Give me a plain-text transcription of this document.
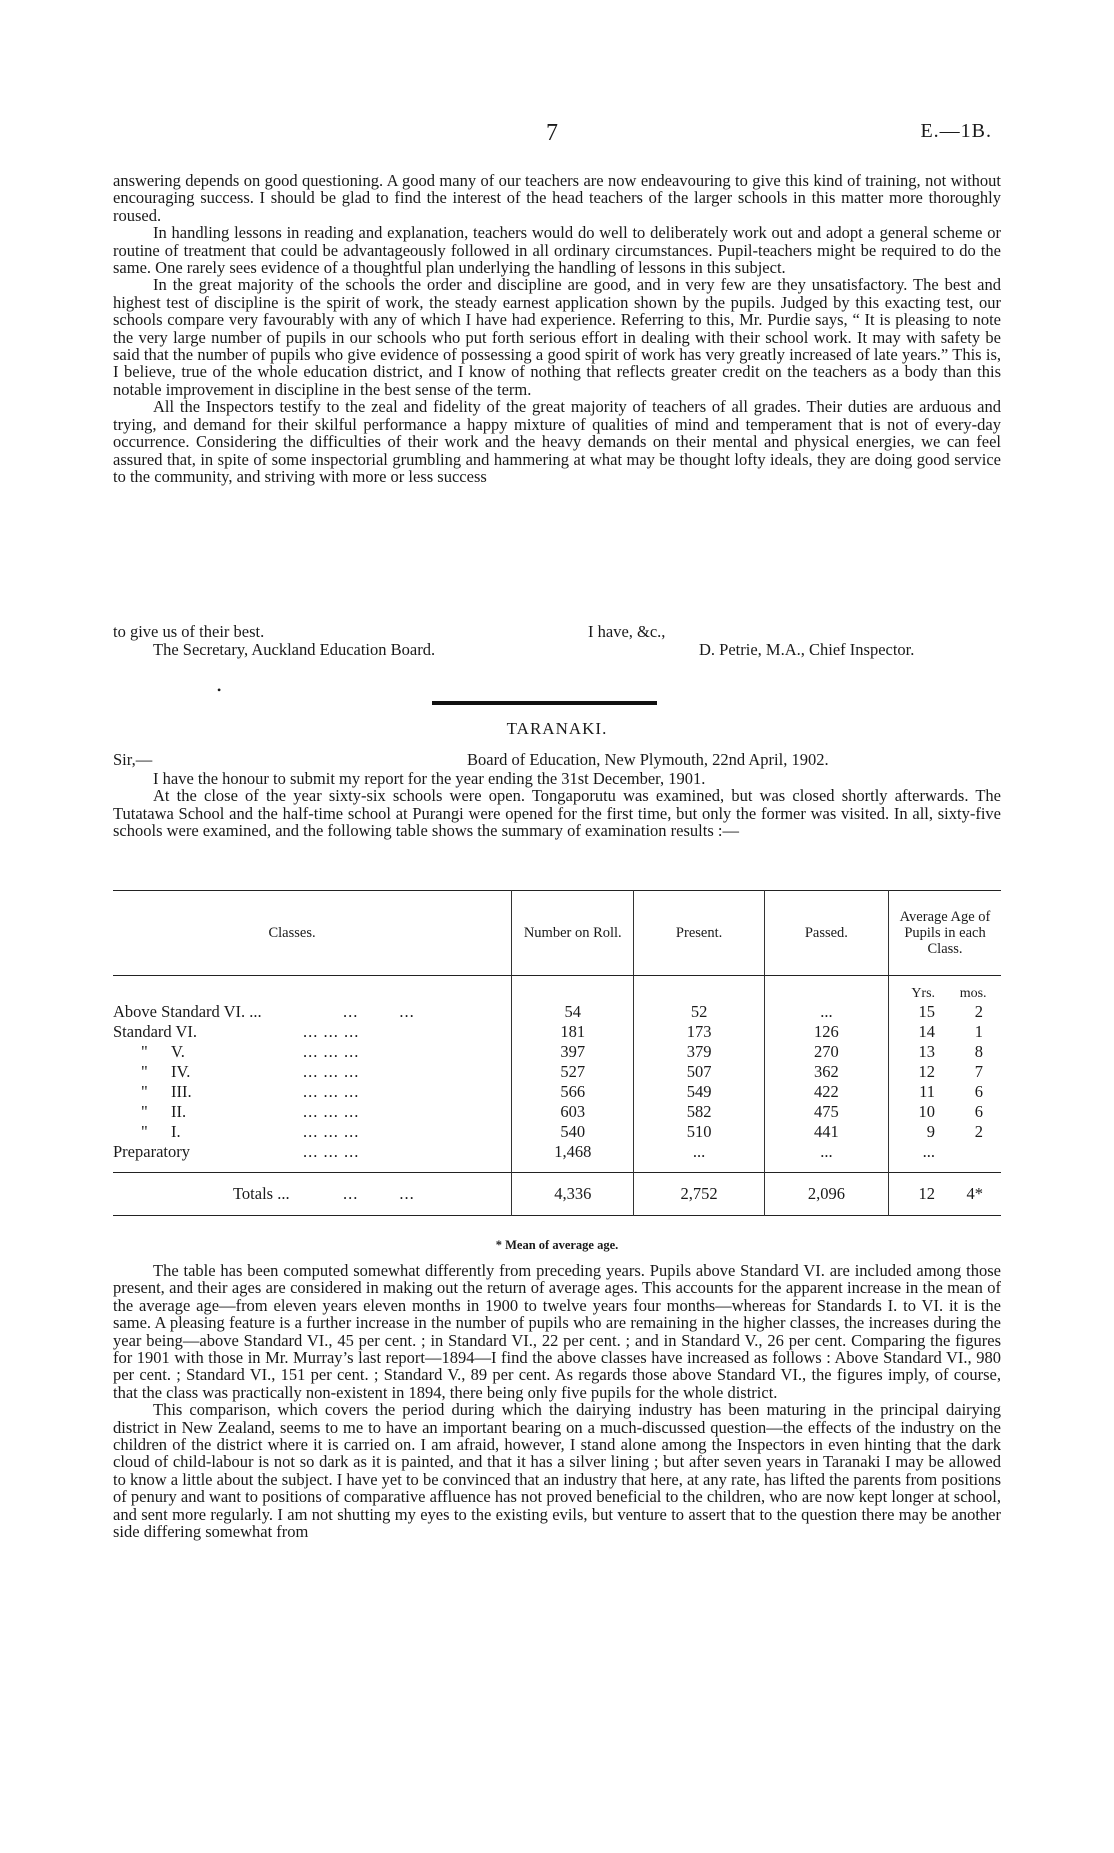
7	E.—1B.

answering depends on good questioning. A good many of our teachers are now endeavouring to give this kind of training, not without encouraging success. I should be glad to find the interest of the head teachers of the larger schools in this matter more thoroughly roused.

In handling lessons in reading and explanation, teachers would do well to deliberately work out and adopt a general scheme or routine of treatment that could be advantageously followed in all ordinary circumstances. Pupil-teachers might be required to do the same. One rarely sees evidence of a thoughtful plan underlying the handling of lessons in this subject.

In the great majority of the schools the order and discipline are good, and in very few are they unsatisfactory. The best and highest test of discipline is the spirit of work, the steady earnest application shown by the pupils. Judged by this exacting test, our schools compare very favourably with any of which I have had experience. Referring to this, Mr. Purdie says, “ It is pleasing to note the very large number of pupils in our schools who put forth serious effort in dealing with their school work. It may with safety be said that the number of pupils who give evidence of possessing a good spirit of work has very greatly increased of late years.” This is, I believe, true of the whole education district, and I know of nothing that reflects greater credit on the teachers as a body than this notable improvement in discipline in the best sense of the term.

All the Inspectors testify to the zeal and fidelity of the great majority of teachers of all grades. Their duties are arduous and trying, and demand for their skilful performance a happy mixture of qualities of mind and temperament that is not of every-day occurrence. Considering the difficulties of their work and the heavy demands on their mental and physical energies, we can feel assured that, in spite of some inspectorial grumbling and hammering at what may be thought lofty ideals, they are doing good service to the community, and striving with more or less success

to give us of their best.	I have, &c.,
The Secretary, Auckland Education Board.	D. Petrie, M.A., Chief Inspector.
•
TARANAKI.
Sir,—	Board of Education, New Plymouth, 22nd April, 1902.

I have the honour to submit my report for the year ending the 31st December, 1901.

At the close of the year sixty-six schools were open. Tongaporutu was examined, but was closed shortly afterwards. The Tutatawa School and the half-time school at Purangi were opened for the first time, but only the former was visited. In all, sixty-five schools were examined, and the following table shows the summary of examination results :—

Classes.	Number on Roll.	Present.	Passed.	Average Age of Pupils in each Class.
				Yrs. mos.
Above Standard VI. ... ...        ...	54	52	...	15 2
Standard VI. ... ... ...	181	173	126	14 1
" V. ... ... ...	397	379	270	13 8
" IV. ... ... ...	527	507	362	12 7
" III. ... ... ...	566	549	422	11 6
" II. ... ... ...	603	582	475	10 6
" I. ... ... ...	540	510	441	9 2
Preparatory ... ... ...	1,468	...	...	...

Totals ... ...        ...	4,336	2,752	2,096	12 4*
* Mean of average age.

The table has been computed somewhat differently from preceding years. Pupils above Standard VI. are included among those present, and their ages are considered in making out the return of average ages. This accounts for the apparent increase in the mean of the average age—from eleven years eleven months in 1900 to twelve years four months—whereas for Standards I. to VI. it is the same. A pleasing feature is a further increase in the number of pupils who are remaining in the higher classes, the increases during the year being—above Standard VI., 45 per cent. ; in Standard VI., 22 per cent. ; and in Standard V., 26 per cent. Comparing the figures for 1901 with those in Mr. Murray’s last report—1894—I find the above classes have increased as follows : Above Standard VI., 980 per cent. ; Standard VI., 151 per cent. ; Standard V., 89 per cent. As regards those above Standard VI., the figures imply, of course, that the class was practically non-existent in 1894, there being only five pupils for the whole district.

This comparison, which covers the period during which the dairying industry has been maturing in the principal dairying district in New Zealand, seems to me to have an important bearing on a much-discussed question—the effects of the industry on the children of the district where it is carried on. I am afraid, however, I stand alone among the Inspectors in even hinting that the dark cloud of child-labour is not so dark as it is painted, and that it has a silver lining ; but after seven years in Taranaki I may be allowed to know a little about the subject. I have yet to be convinced that an industry that here, at any rate, has lifted the parents from positions of penury and want to positions of comparative affluence has not proved beneficial to the children, who are now kept longer at school, and sent more regularly. I am not shutting my eyes to the existing evils, but venture to assert that to the question there may be another side differing somewhat from
